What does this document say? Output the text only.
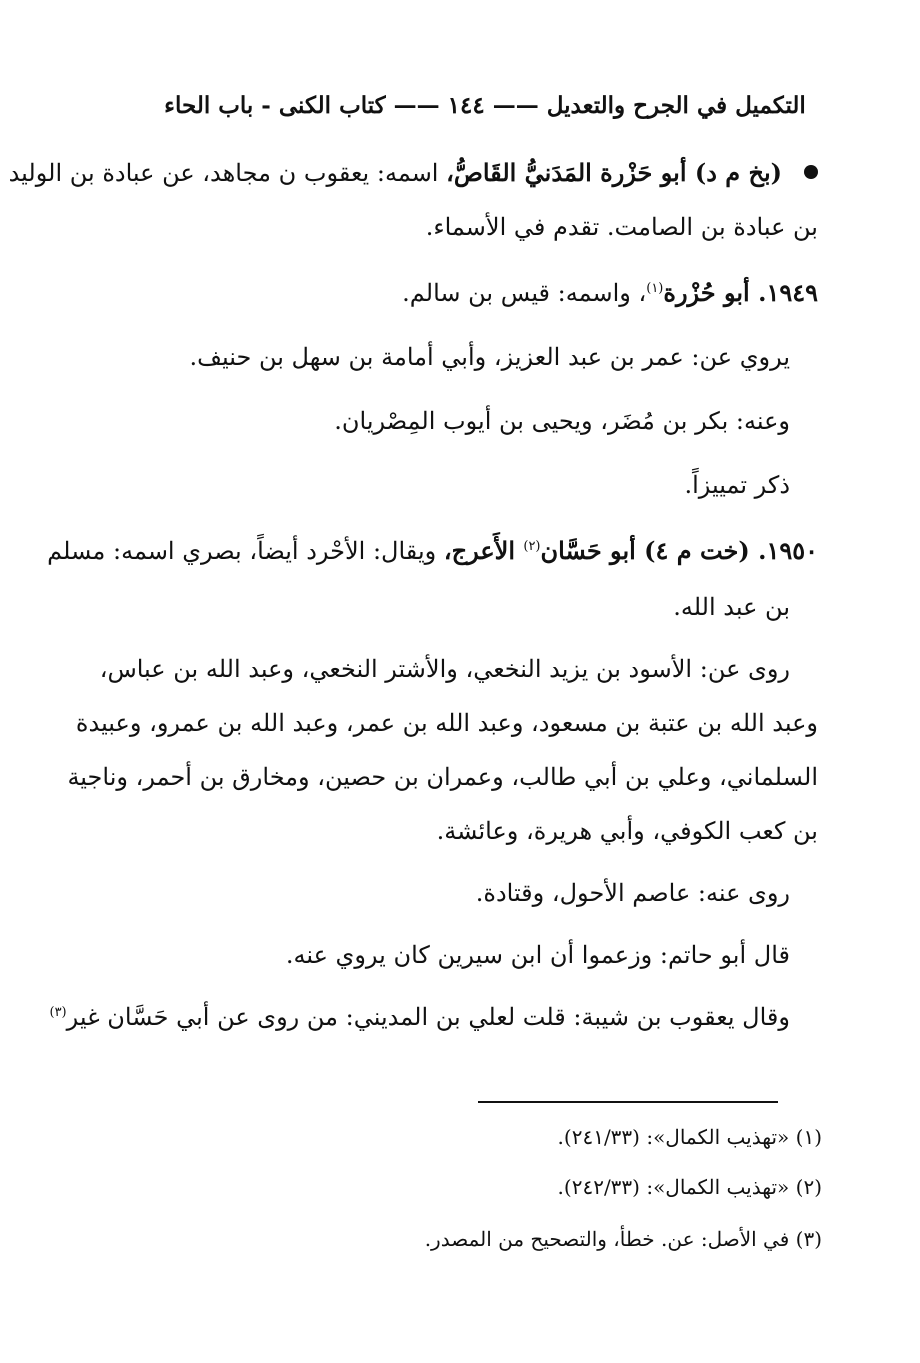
التكميل في الجرح والتعديل —— ١٤٤ —— كتاب الكنى - باب الحاء
(بخ م د) أبو حَزْرة المَدَنيُّ القَاصُّ، اسمه: يعقوب ن مجاهد، عن عبادة بن الوليد
بن عبادة بن الصامت. تقدم في الأسماء.
١٩٤٩. أبو حُزْرة$^{(١)}$، واسمه: قيس بن سالم.
يروي عن: عمر بن عبد العزيز، وأبي أمامة بن سهل بن حنيف.
وعنه: بكر بن مُضَر، ويحيى بن أيوب المِصْريان.
ذكر تمييزاً.
١٩٥٠. (خت م ٤) أبو حَسَّان$^{(٢)}$ الأَعرج، ويقال: الأحْرد أيضاً، بصري اسمه: مسلم
بن عبد الله.
روى عن: الأسود بن يزيد النخعي، والأشتر النخعي، وعبد الله بن عباس،
وعبد الله بن عتبة بن مسعود، وعبد الله بن عمر، وعبد الله بن عمرو، وعبيدة
السلماني، وعلي بن أبي طالب، وعمران بن حصين، ومخارق بن أحمر، وناجية
بن كعب الكوفي، وأبي هريرة، وعائشة.
روى عنه: عاصم الأحول، وقتادة.
قال أبو حاتم: وزعموا أن ابن سيرين كان يروي عنه.
وقال يعقوب بن شيبة: قلت لعلي بن المديني: من روى عن أبي حَسَّان غير$^{(٣)}$
(١) «تهذيب الكمال»: (٢٤١/٣٣).
(٢) «تهذيب الكمال»: (٢٤٢/٣٣).
(٣) في الأصل: عن. خطأ، والتصحيح من المصدر.
